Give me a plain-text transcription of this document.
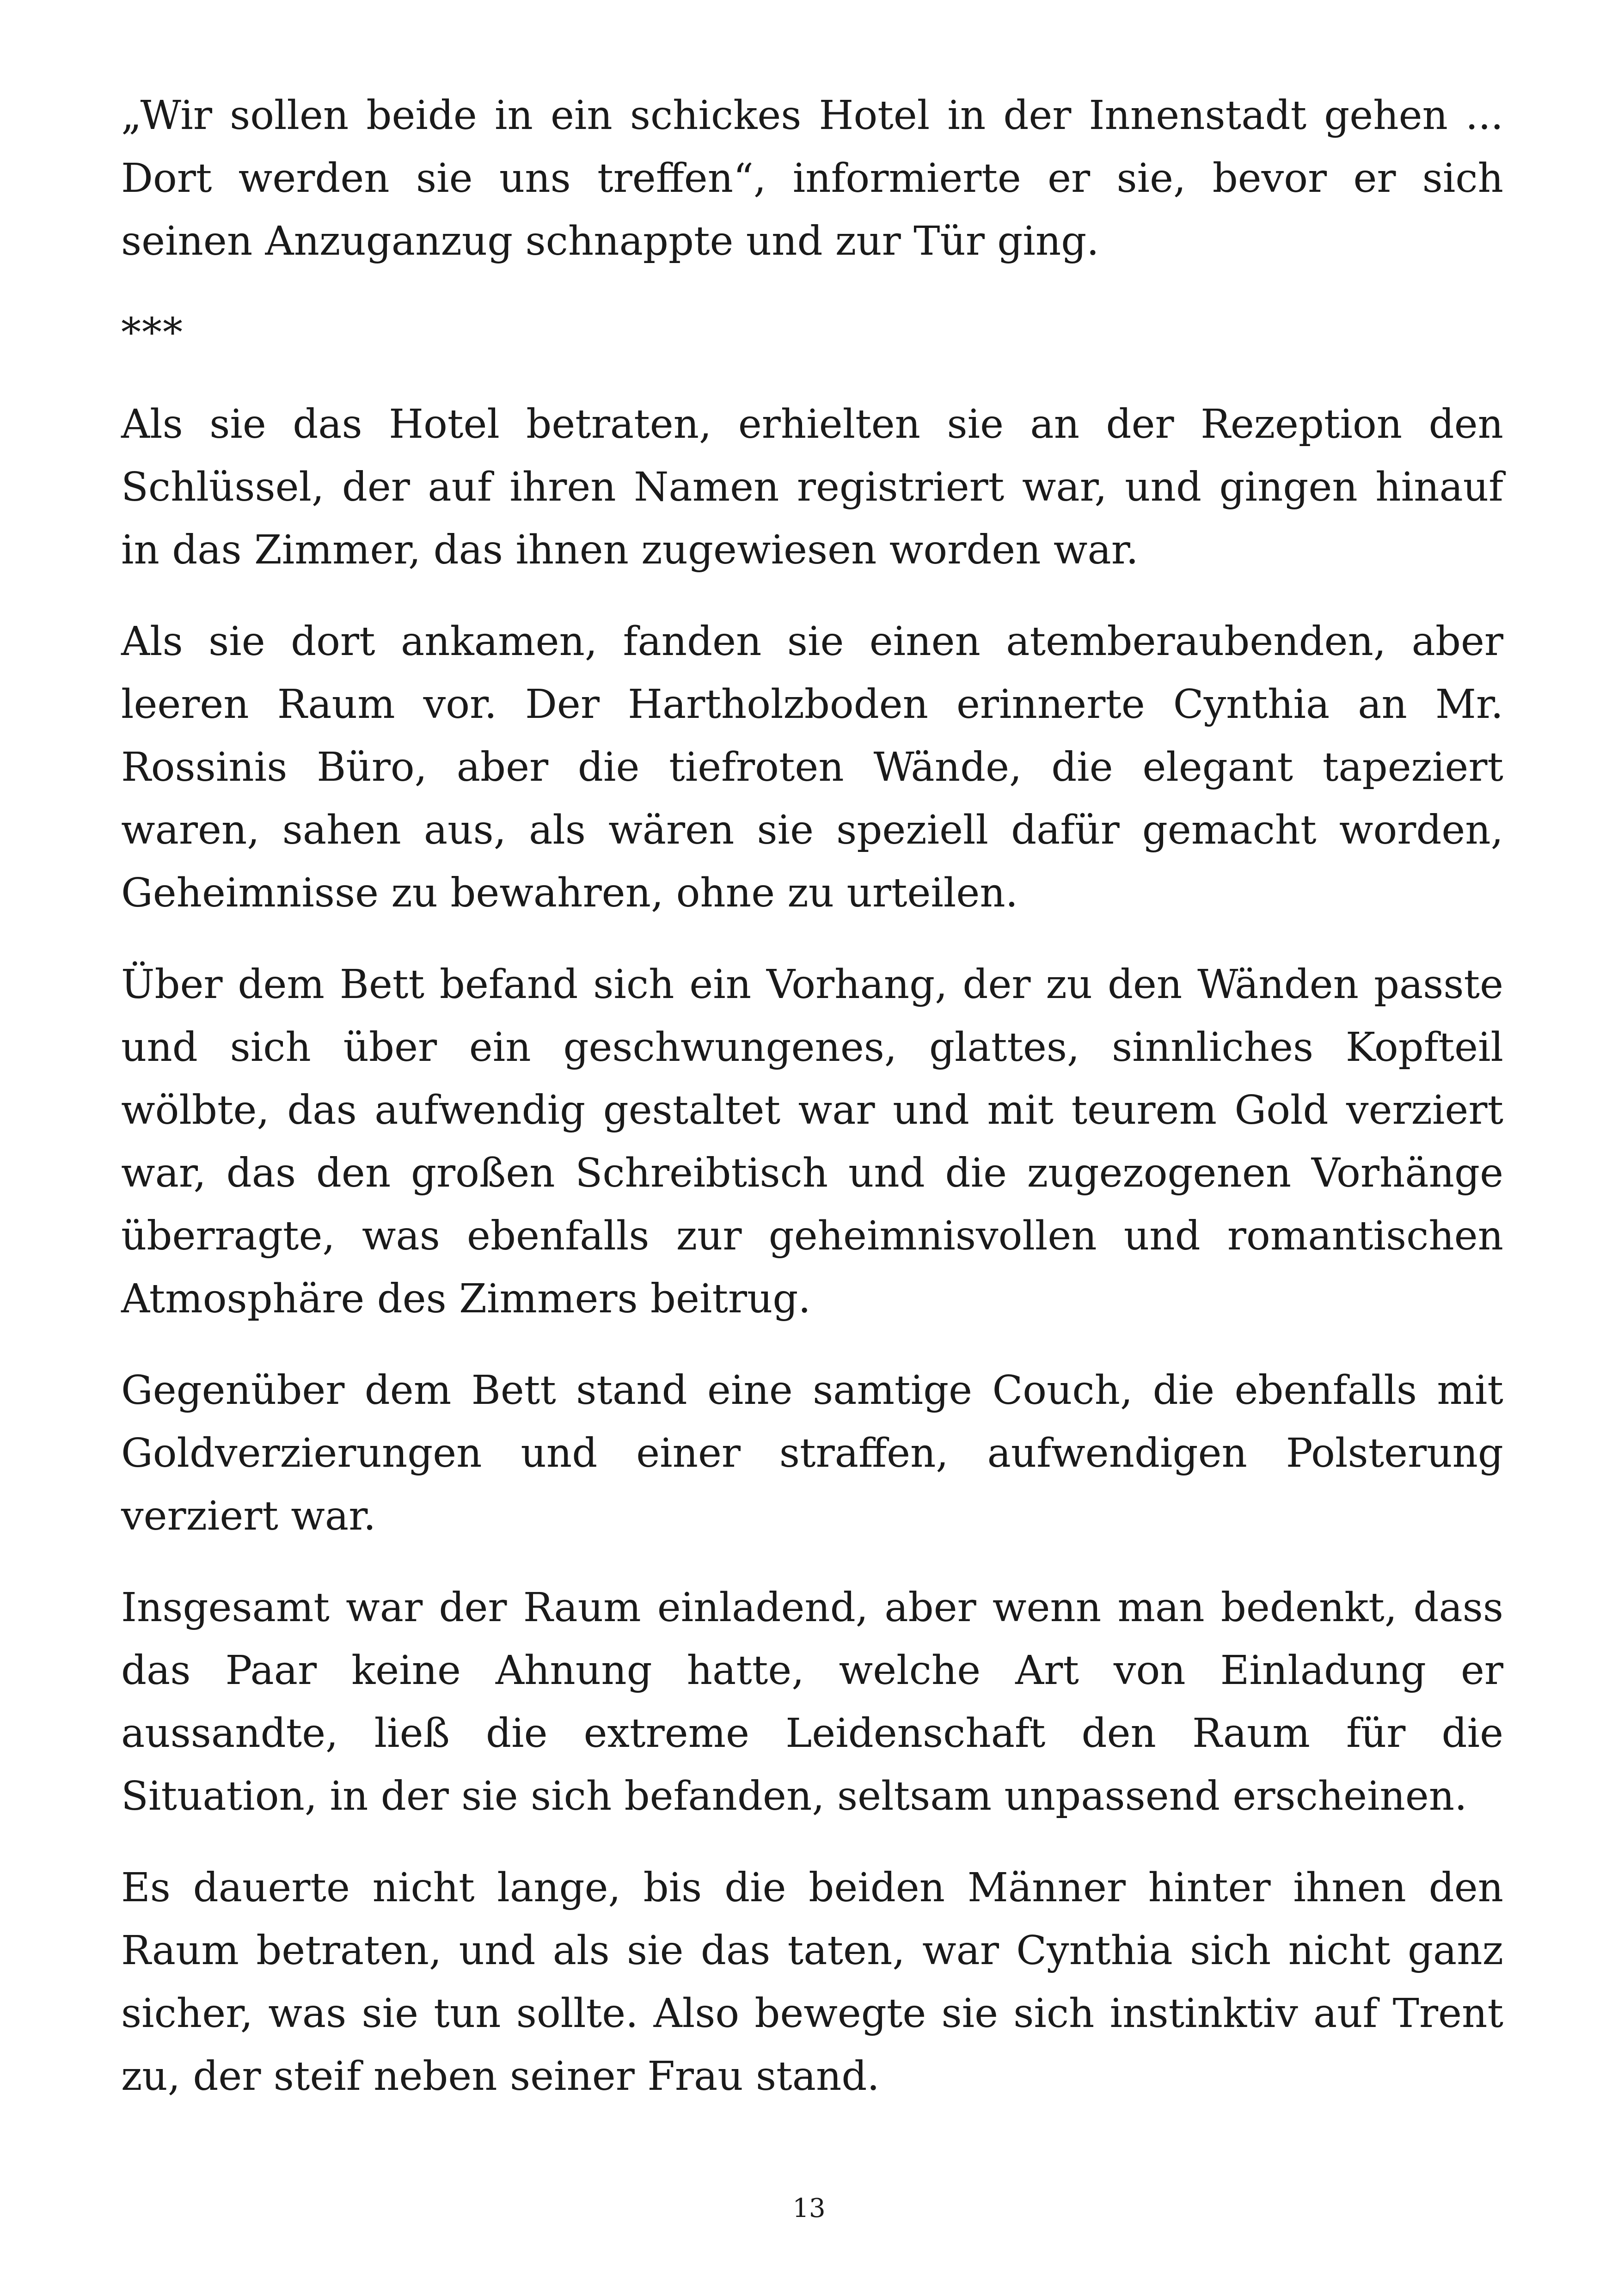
„Wir sollen beide in ein schickes Hotel in der Innenstadt gehen ... Dort werden sie uns treffen“, informierte er sie, bevor er sich seinen Anzuganzug schnappte und zur Tür ging.

***

Als sie das Hotel betraten, erhielten sie an der Rezeption den Schlüssel, der auf ihren Namen registriert war, und gingen hinauf in das Zimmer, das ihnen zugewiesen worden war.

Als sie dort ankamen, fanden sie einen atemberaubenden, aber leeren Raum vor. Der Hartholzboden erinnerte Cynthia an Mr. Rossinis Büro, aber die tiefroten Wände, die elegant tapeziert waren, sahen aus, als wären sie speziell dafür gemacht worden, Geheimnisse zu bewahren, ohne zu urteilen.

Über dem Bett befand sich ein Vorhang, der zu den Wänden passte und sich über ein geschwungenes, glattes, sinnliches Kopfteil wölbte, das aufwendig gestaltet war und mit teurem Gold verziert war, das den großen Schreibtisch und die zugezogenen Vorhänge überragte, was ebenfalls zur geheimnisvollen und romantischen Atmosphäre des Zimmers beitrug.

Gegenüber dem Bett stand eine samtige Couch, die ebenfalls mit Goldverzierungen und einer straffen, aufwendigen Polsterung verziert war.

Insgesamt war der Raum einladend, aber wenn man bedenkt, dass das Paar keine Ahnung hatte, welche Art von Einladung er aussandte, ließ die extreme Leidenschaft den Raum für die Situation, in der sie sich befanden, seltsam unpassend erscheinen.

Es dauerte nicht lange, bis die beiden Männer hinter ihnen den Raum betraten, und als sie das taten, war Cynthia sich nicht ganz sicher, was sie tun sollte. Also bewegte sie sich instinktiv auf Trent zu, der steif neben seiner Frau stand.

13
